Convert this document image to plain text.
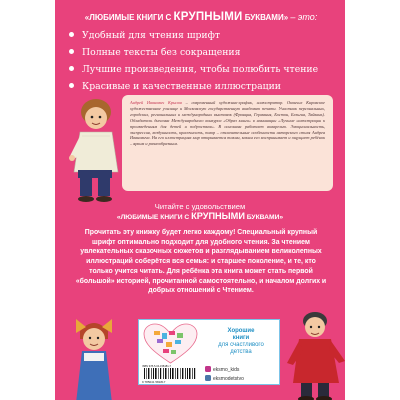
«ЛЮБИМЫЕ КНИГИ С КРУПНЫМИ БУКВАМИ» – это:
Удобный для чтения шрифт
Полные тексты без сокращения
Лучшие произведения, чтобы полюбить чтение
Красивые и качественные иллюстрации
Андрей Иванович Крылов – современный художник-график, иллюстратор. Окончил Кировское художественное училище и Московскую государственную академию печати. Участник персональных, городских, региональных и международных выставок (Франция, Германия, Бостон, Бельгия, Тайвань). Обладатель диплома Международного конкурса «Образ книги» в номинации «Лучшие иллюстрации к произведениям для детей и подростков». В основном работает акварелью. Эмоциональность, экспрессия, воздушность, красочность, юмор – отличительные особенности авторского стиля Андрея Ивановича. На его иллюстрациях мир открывается таким, каким его воспринимает и ощущает ребёнок – ярким и разнообразным.
Читайте с удовольствием
«ЛЮБИМЫЕ КНИГИ С КРУПНЫМИ БУКВАМИ»
Прочитать эту книжку будет легко каждому! Специальный крупный шрифт оптимально подходит для удобного чтения. За чтением увлекательных сказочных сюжетов и разглядыванием великолепных иллюстраций соберётся вся семья: и старшее поколение, и те, кто только учится читать. Для ребёнка эта книга может стать первой «большой» историей, прочитанной самостоятельно, и началом долгих и добрых отношений с Чтением.
Хорошие
книги
для счастливого
детства
ISBN 978-5-04-158181-7
9 785041 581817
eksmo_kids
eksmodetstvo
